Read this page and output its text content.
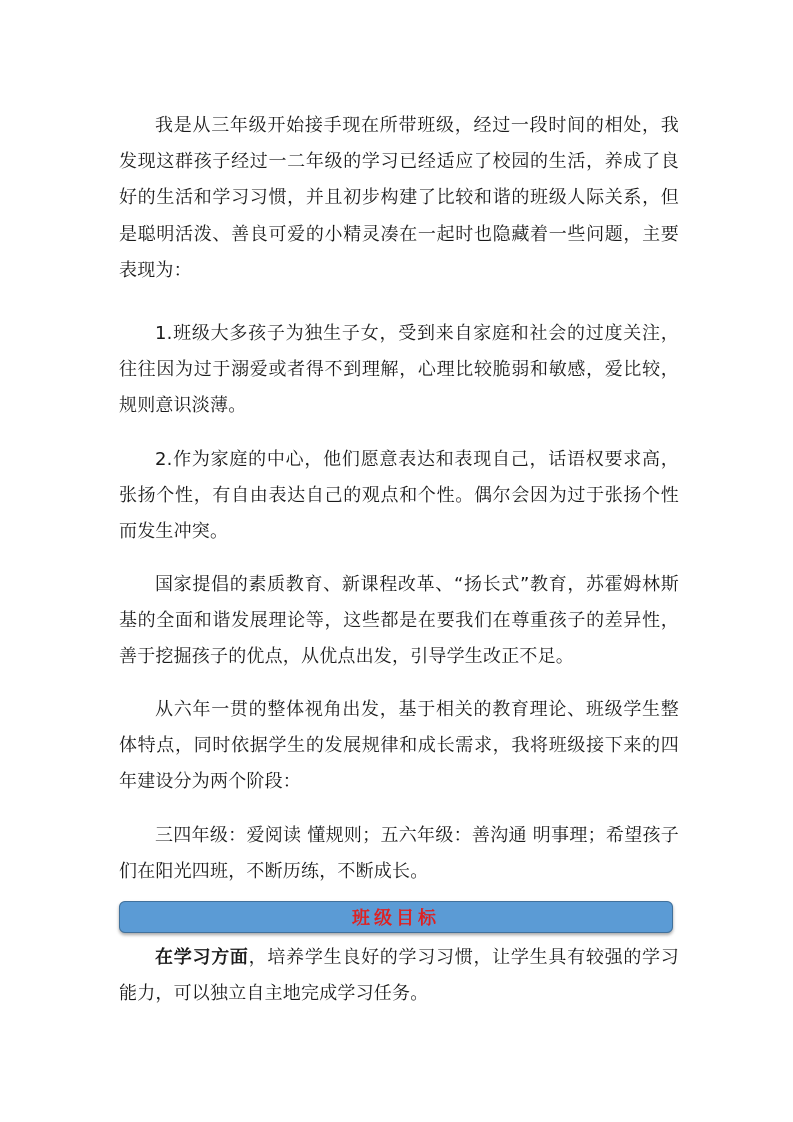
我是从三年级开始接手现在所带班级，经过一段时间的相处，我发现这群孩子经过一二年级的学习已经适应了校园的生活，养成了良好的生活和学习习惯，并且初步构建了比较和谐的班级人际关系，但是聪明活泼、善良可爱的小精灵凑在一起时也隐藏着一些问题，主要表现为：

1.班级大多孩子为独生子女，受到来自家庭和社会的过度关注，往往因为过于溺爱或者得不到理解，心理比较脆弱和敏感，爱比较，规则意识淡薄。

2.作为家庭的中心，他们愿意表达和表现自己，话语权要求高，张扬个性，有自由表达自己的观点和个性。偶尔会因为过于张扬个性而发生冲突。

国家提倡的素质教育、新课程改革、“扬长式”教育，苏霍姆林斯基的全面和谐发展理论等，这些都是在要我们在尊重孩子的差异性，善于挖掘孩子的优点，从优点出发，引导学生改正不足。

从六年一贯的整体视角出发，基于相关的教育理论、班级学生整体特点，同时依据学生的发展规律和成长需求，我将班级接下来的四年建设分为两个阶段：

三四年级：爱阅读 懂规则；五六年级：善沟通 明事理；希望孩子们在阳光四班，不断历练，不断成长。

班级目标

在学习方面，培养学生良好的学习习惯，让学生具有较强的学习能力，可以独立自主地完成学习任务。
